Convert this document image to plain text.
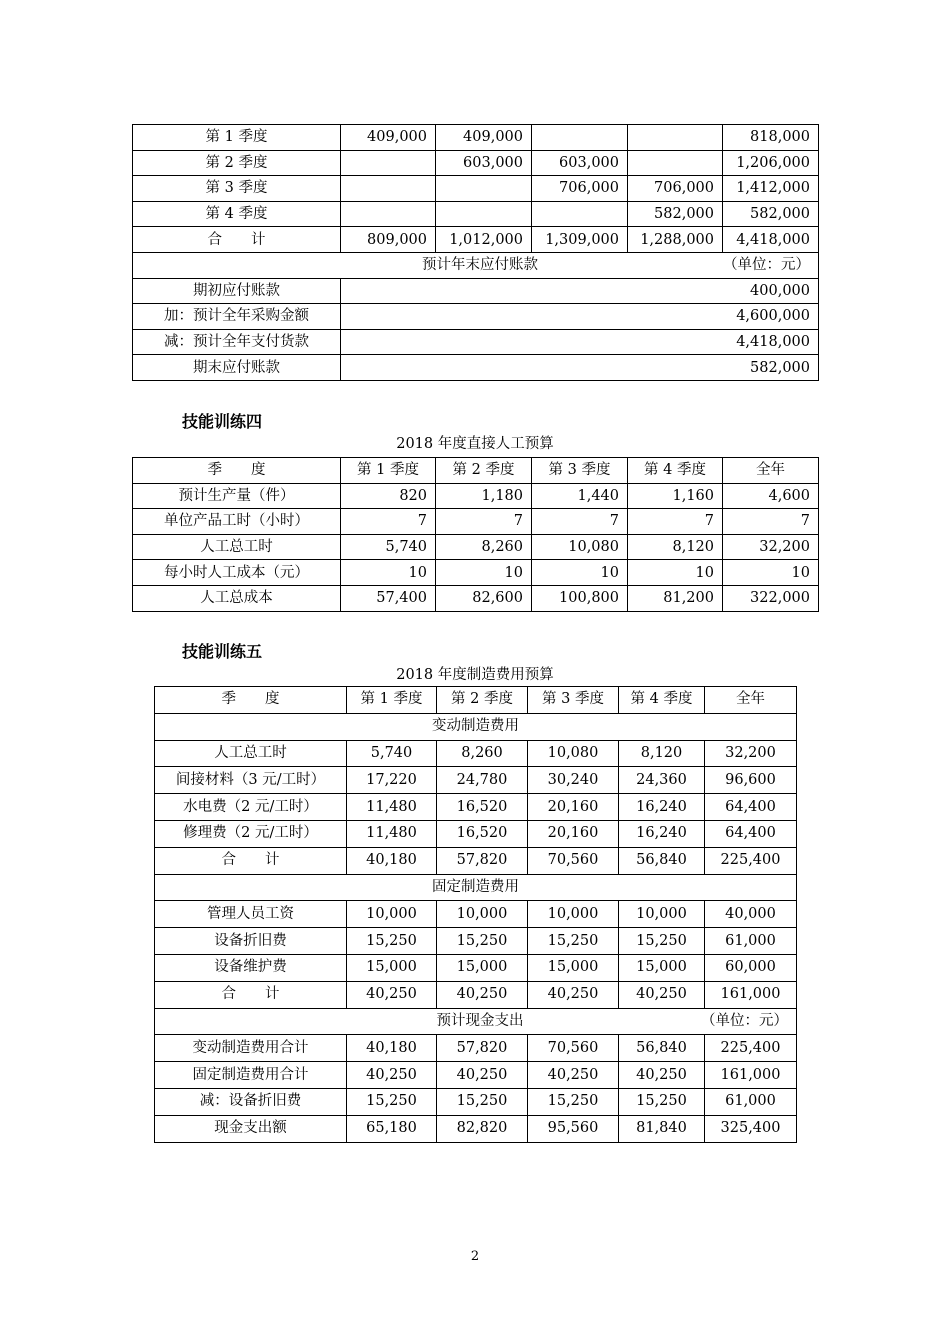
第 1 季度	409,000	409,000			818,000
第 2 季度		603,000	603,000		1,206,000
第 3 季度			706,000	706,000	1,412,000
第 4 季度				582,000	582,000
合　　计	809,000	1,012,000	1,309,000	1,288,000	4,418,000

（单位：元）
预计年末应付账款					
期初应付账款	400,000				
加：预计全年采购金额	4,600,000				
减：预计全年支付货款	4,418,000				
期末应付账款	582,000				
技能训练四
2018 年度直接人工预算
季　　度	第 1 季度	第 2 季度	第 3 季度	第 4 季度	全年
预计生产量（件）	820	1,180	1,440	1,160	4,600
单位产品工时（小时）	7	7	7	7	7
人工总工时	5,740	8,260	10,080	8,120	32,200
每小时人工成本（元）	10	10	10	10	10
人工总成本	57,400	82,600	100,800	81,200	322,000
技能训练五
2018 年度制造费用预算
季　　度	第 1 季度	第 2 季度	第 3 季度	第 4 季度	全年
变动制造费用					
人工总工时	5,740	8,260	10,080	8,120	32,200
间接材料（3 元/工时）	17,220	24,780	30,240	24,360	96,600
水电费（2 元/工时）	11,480	16,520	20,160	16,240	64,400
修理费（2 元/工时）	11,480	16,520	20,160	16,240	64,400
合　　计	40,180	57,820	70,560	56,840	225,400
固定制造费用					
管理人员工资	10,000	10,000	10,000	10,000	40,000
设备折旧费	15,250	15,250	15,250	15,250	61,000
设备维护费	15,000	15,000	15,000	15,000	60,000
合　　计	40,250	40,250	40,250	40,250	161,000

（单位：元）
预计现金支出					
变动制造费用合计	40,180	57,820	70,560	56,840	225,400
固定制造费用合计	40,250	40,250	40,250	40,250	161,000
减：设备折旧费	15,250	15,250	15,250	15,250	61,000
现金支出额	65,180	82,820	95,560	81,840	325,400
2
